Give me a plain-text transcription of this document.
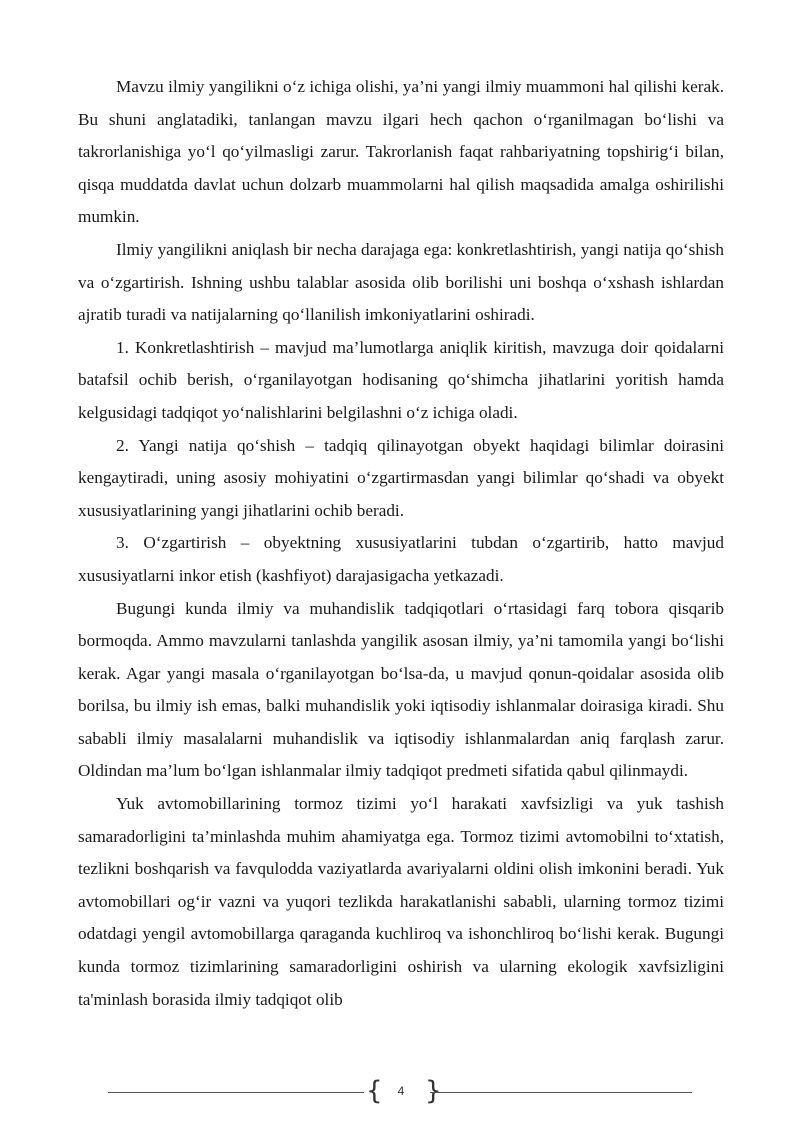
Mavzu ilmiy yangilikni o‘z ichiga olishi, ya’ni yangi ilmiy muammoni hal qilishi kerak. Bu shuni anglatadiki, tanlangan mavzu ilgari hech qachon o‘rganilmagan bo‘lishi va takrorlanishiga yo‘l qo‘yilmasligi zarur. Takrorlanish faqat rahbariyatning topshirig‘i bilan, qisqa muddatda davlat uchun dolzarb muammolarni hal qilish maqsadida amalga oshirilishi mumkin.

Ilmiy yangilikni aniqlash bir necha darajaga ega: konkretlashtirish, yangi natija qo‘shish va o‘zgartirish. Ishning ushbu talablar asosida olib borilishi uni boshqa o‘xshash ishlardan ajratib turadi va natijalarning qo‘llanilish imkoniyatlarini oshiradi.

1. Konkretlashtirish – mavjud ma’lumotlarga aniqlik kiritish, mavzuga doir qoidalarni batafsil ochib berish, o‘rganilayotgan hodisaning qo‘shimcha jihatlarini yoritish hamda kelgusidagi tadqiqot yo‘nalishlarini belgilashni o‘z ichiga oladi.

2. Yangi natija qo‘shish – tadqiq qilinayotgan obyekt haqidagi bilimlar doirasini kengaytiradi, uning asosiy mohiyatini o‘zgartirmasdan yangi bilimlar qo‘shadi va obyekt xususiyatlarining yangi jihatlarini ochib beradi.

3. O‘zgartirish – obyektning xususiyatlarini tubdan o‘zgartirib, hatto mavjud xususiyatlarni inkor etish (kashfiyot) darajasigacha yetkazadi.

Bugungi kunda ilmiy va muhandislik tadqiqotlari o‘rtasidagi farq tobora qisqarib bormoqda. Ammo mavzularni tanlashda yangilik asosan ilmiy, ya’ni tamomila yangi bo‘lishi kerak. Agar yangi masala o‘rganilayotgan bo‘lsa-da, u mavjud qonun-qoidalar asosida olib borilsa, bu ilmiy ish emas, balki muhandislik yoki iqtisodiy ishlanmalar doirasiga kiradi. Shu sababli ilmiy masalalarni muhandislik va iqtisodiy ishlanmalardan aniq farqlash zarur. Oldindan ma’lum bo‘lgan ishlanmalar ilmiy tadqiqot predmeti sifatida qabul qilinmaydi.

Yuk avtomobillarining tormoz tizimi yo‘l harakati xavfsizligi va yuk tashish samaradorligini ta’minlashda muhim ahamiyatga ega. Tormoz tizimi avtomobilni to‘xtatish, tezlikni boshqarish va favqulodda vaziyatlarda avariyalarni oldini olish imkonini beradi. Yuk avtomobillari og‘ir vazni va yuqori tezlikda harakatlanishi sababli, ularning tormoz tizimi odatdagi yengil avtomobillarga qaraganda kuchliroq va ishonchliroq bo‘lishi kerak. Bugungi kunda tormoz tizimlarining samaradorligini oshirish va ularning ekologik xavfsizligini ta'minlash borasida ilmiy tadqiqot olib

{	4 }
